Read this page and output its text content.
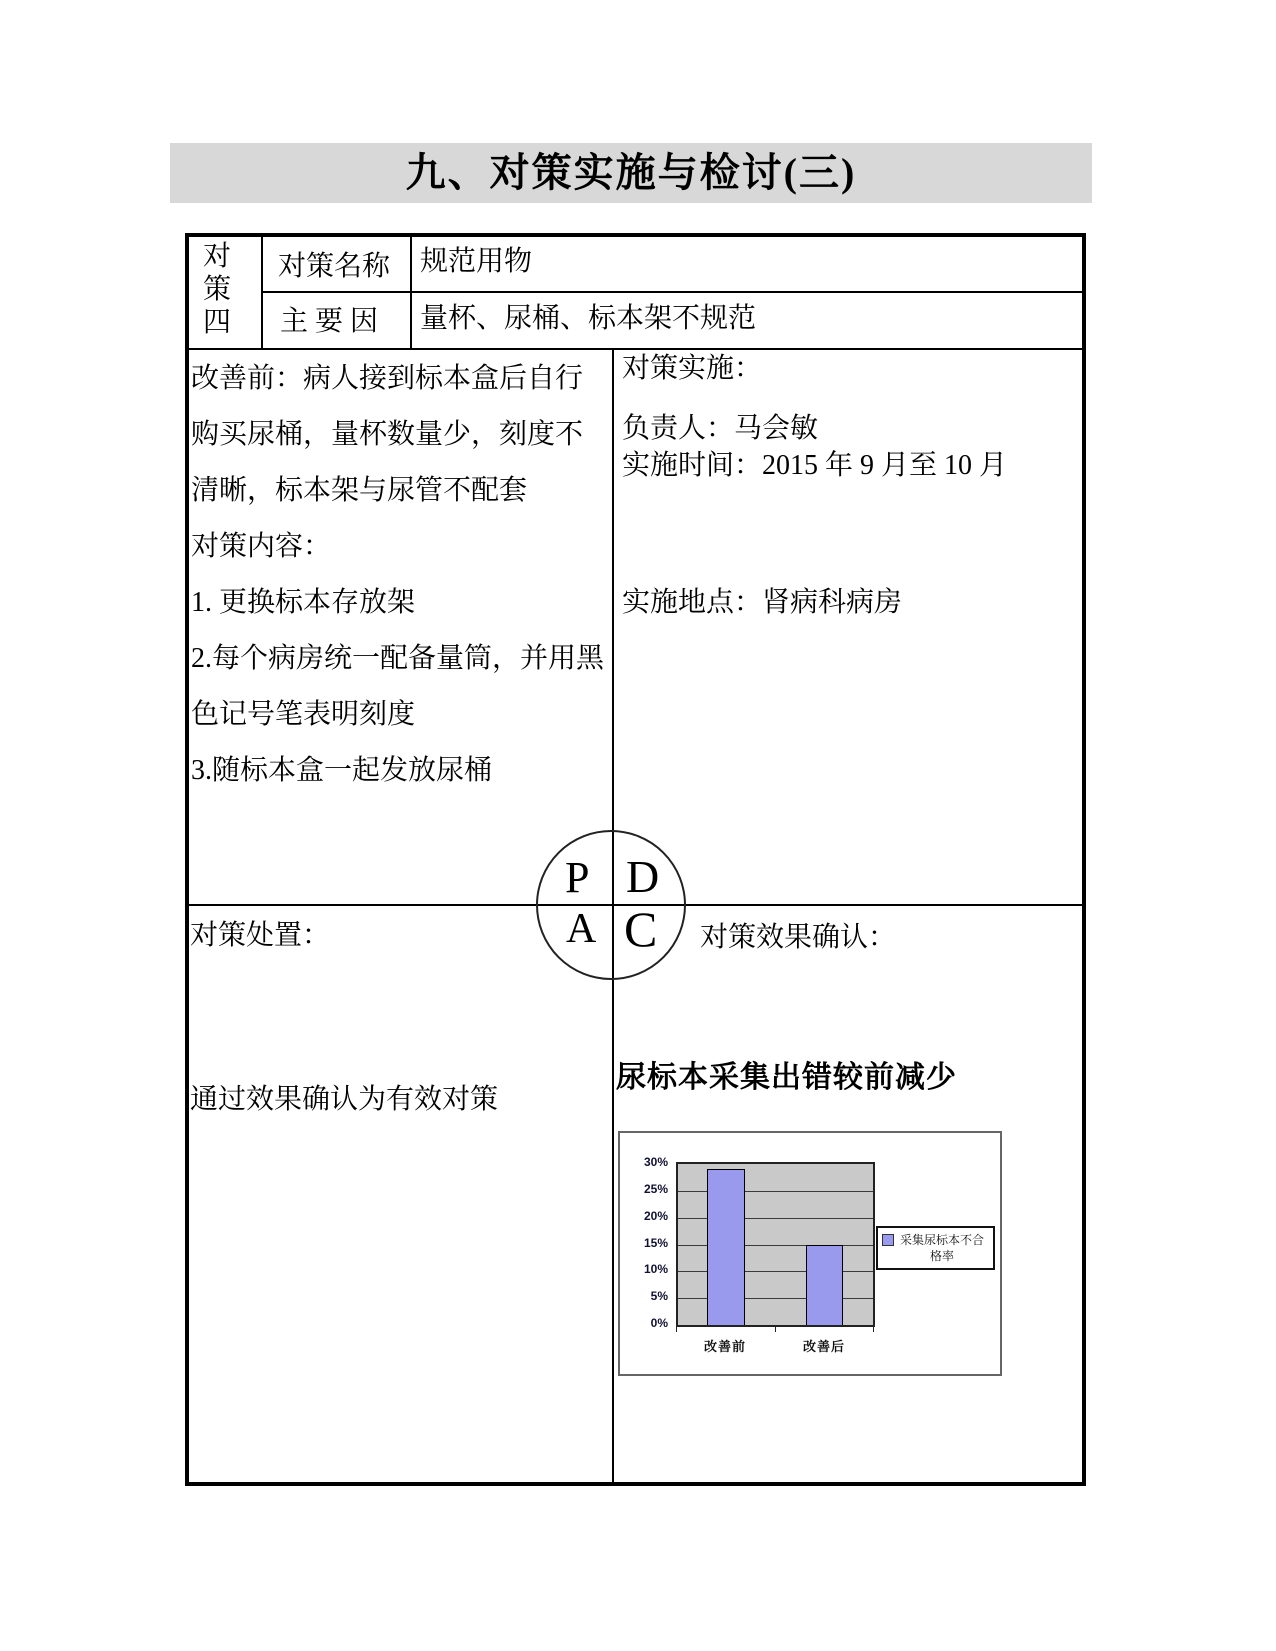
九、对策实施与检讨(三)
对策四
对策名称 规范用物
主 要 因 量杯、尿桶、标本架不规范
改善前：病人接到标本盒后自行
购买尿桶，量杯数量少，刻度不
清晰，标本架与尿管不配套
对策内容：
1. 更换标本存放架
2.每个病房统一配备量筒，并用黑
色记号笔表明刻度
3.随标本盒一起发放尿桶
对策实施：
负责人：马会敏
实施时间：2015 年 9 月至 10 月
实施地点：肾病科病房
P D
A C
对策处置：
通过效果确认为有效对策
对策效果确认：
尿标本采集出错较前减少
30%
25%
20%
15%
10%
5%
0%
改善前	改善后
采集尿标本不合格率
